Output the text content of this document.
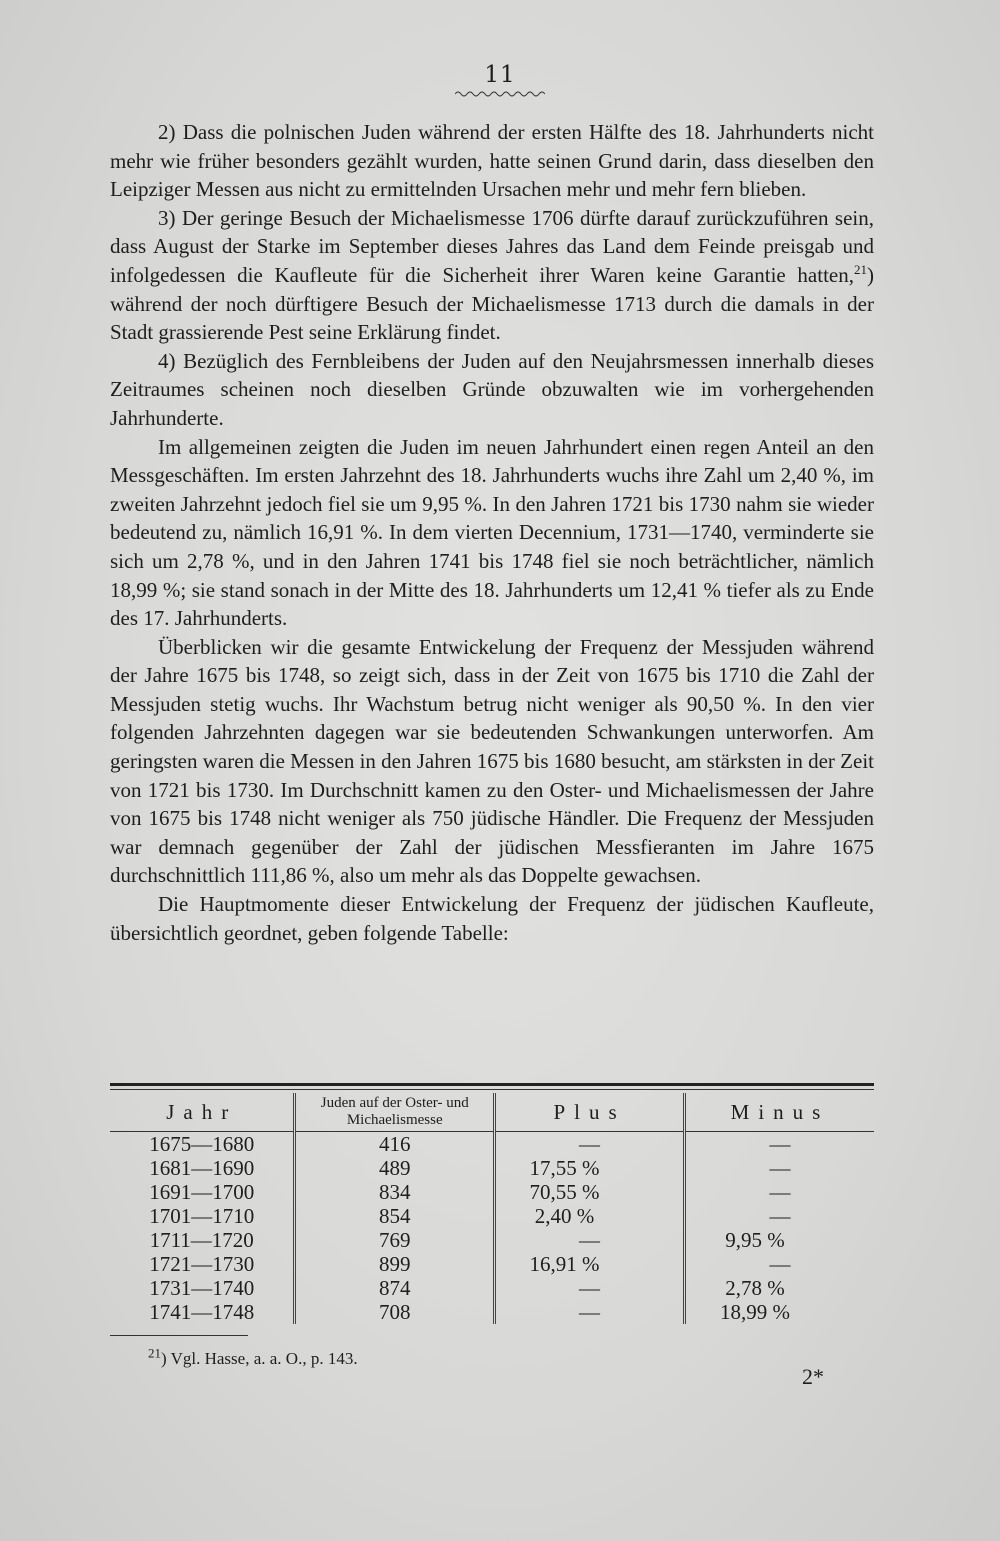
11

2) Dass die polnischen Juden während der ersten Hälfte des 18. Jahrhunderts nicht mehr wie früher besonders gezählt wurden, hatte seinen Grund darin, dass dieselben den Leipziger Messen aus nicht zu ermittelnden Ursachen mehr und mehr fern blieben.

3) Der geringe Besuch der Michaelismesse 1706 dürfte darauf zurückzuführen sein, dass August der Starke im September dieses Jahres das Land dem Feinde preisgab und infolgedessen die Kaufleute für die Sicherheit ihrer Waren keine Garantie hatten,$^{21}$) während der noch dürftigere Besuch der Michaelismesse 1713 durch die damals in der Stadt grassierende Pest seine Erklärung findet.

4) Bezüglich des Fernbleibens der Juden auf den Neujahrsmessen innerhalb dieses Zeitraumes scheinen noch dieselben Gründe obzuwalten wie im vorhergehenden Jahrhunderte.

Im allgemeinen zeigten die Juden im neuen Jahrhundert einen regen Anteil an den Messgeschäften. Im ersten Jahrzehnt des 18. Jahrhunderts wuchs ihre Zahl um 2,40 %, im zweiten Jahrzehnt jedoch fiel sie um 9,95 %. In den Jahren 1721 bis 1730 nahm sie wieder bedeutend zu, nämlich 16,91 %. In dem vierten Decennium, 1731—1740, verminderte sie sich um 2,78 %, und in den Jahren 1741 bis 1748 fiel sie noch beträchtlicher, nämlich 18,99 %; sie stand sonach in der Mitte des 18. Jahrhunderts um 12,41 % tiefer als zu Ende des 17. Jahrhunderts.

Überblicken wir die gesamte Entwickelung der Frequenz der Messjuden während der Jahre 1675 bis 1748, so zeigt sich, dass in der Zeit von 1675 bis 1710 die Zahl der Messjuden stetig wuchs. Ihr Wachstum betrug nicht weniger als 90,50 %. In den vier folgenden Jahrzehnten dagegen war sie bedeutenden Schwankungen unterworfen. Am geringsten waren die Messen in den Jahren 1675 bis 1680 besucht, am stärksten in der Zeit von 1721 bis 1730. Im Durchschnitt kamen zu den Oster- und Michaelismessen der Jahre von 1675 bis 1748 nicht weniger als 750 jüdische Händler. Die Frequenz der Messjuden war demnach gegenüber der Zahl der jüdischen Messfieranten im Jahre 1675 durchschnittlich 111,86 %, also um mehr als das Doppelte gewachsen.

Die Hauptmomente dieser Entwickelung der Frequenz der jüdischen Kaufleute, übersichtlich geordnet, geben folgende Tabelle:

Jahr	Juden auf der Oster- und Michaelismesse	Plus	Minus
1675—1680	416	—	—
1681—1690	489	17,55 %	—
1691—1700	834	70,55 %	—
1701—1710	854	2,40 %	—
1711—1720	769	—	9,95 %
1721—1730	899	16,91 %	—
1731—1740	874	—	2,78 %
1741—1748	708	—	18,99 %
$^{21}$) Vgl. Hasse, a. a. O., p. 143.
2*
